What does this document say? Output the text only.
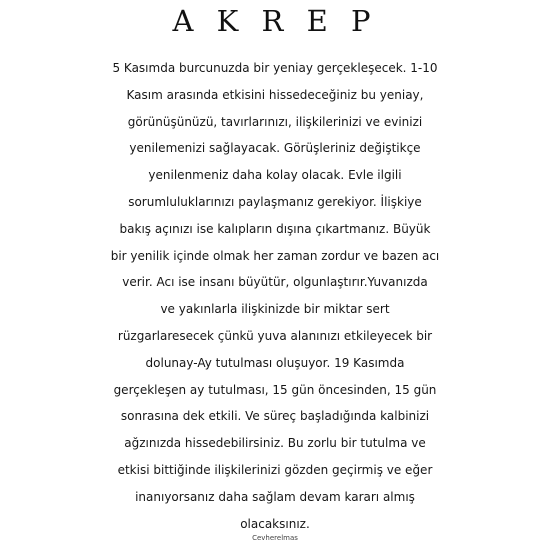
A K R E P
5 Kasımda burcunuzda bir yeniay gerçekleşecek. 1-10
Kasım arasında etkisini hissedeceğiniz bu yeniay,
görünüşünüzü, tavırlarınızı, ilişkilerinizi ve evinizi
yenilemenizi sağlayacak. Görüşleriniz değiştikçe
yenilenmeniz daha kolay olacak. Evle ilgili
sorumluluklarınızı paylaşmanız gerekiyor. İlişkiye
bakış açınızı ise kalıpların dışına çıkartmanız. Büyük
bir yenilik içinde olmak her zaman zordur ve bazen acı
verir. Acı ise insanı büyütür, olgunlaştırır.Yuvanızda
ve yakınlarla ilişkinizde bir miktar sert
rüzgarlaresecek çünkü yuva alanınızı etkileyecek bir
dolunay-Ay tutulması oluşuyor. 19 Kasımda
gerçekleşen ay tutulması, 15 gün öncesinden, 15 gün
sonrasına dek etkili. Ve süreç başladığında kalbinizi
ağzınızda hissedebilirsiniz. Bu zorlu bir tutulma ve
etkisi bittiğinde ilişkilerinizi gözden geçirmiş ve eğer
inanıyorsanız daha sağlam devam kararı almış
olacaksınız.
Cevherelmas
